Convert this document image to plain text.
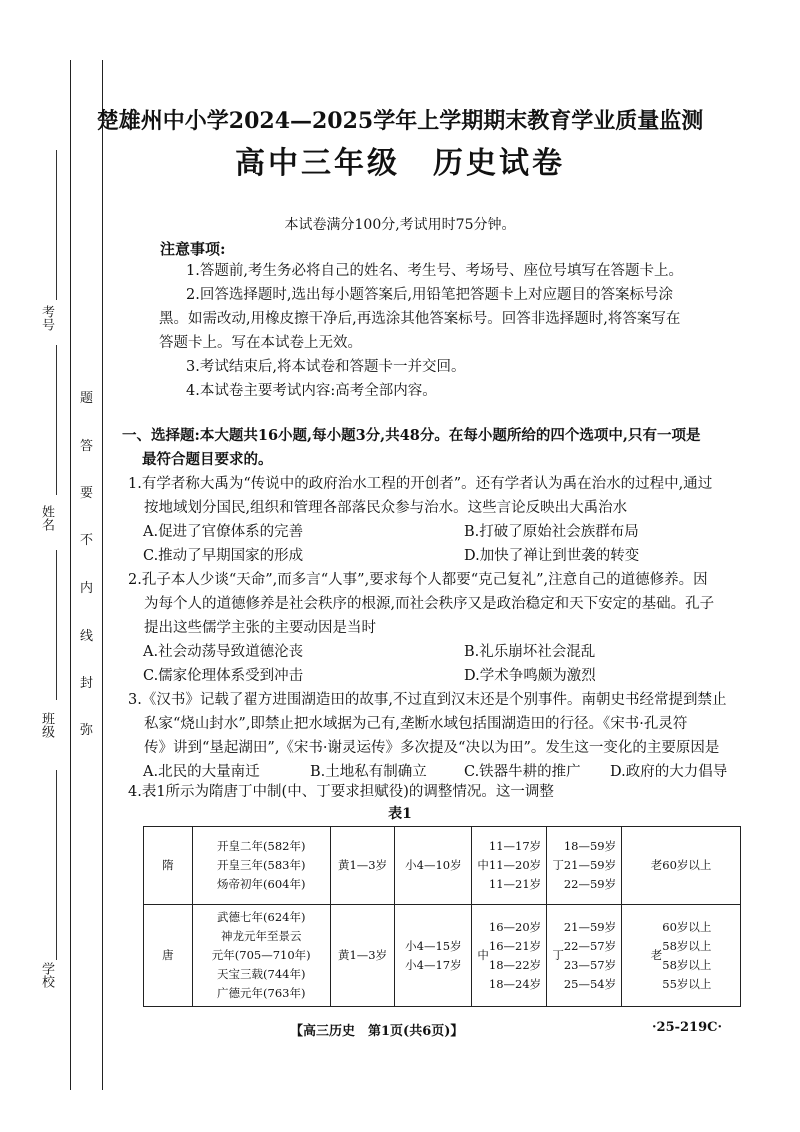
考号
姓名
班级
学校
题
答
要
不
内
线
封
弥
楚雄州中小学2024—2025学年上学期期末教育学业质量监测
高中三年级　历史试卷
本试卷满分100分,考试用时75分钟。
注意事项:
1.答题前,考生务必将自己的姓名、考生号、考场号、座位号填写在答题卡上。
2.回答选择题时,选出每小题答案后,用铅笔把答题卡上对应题目的答案标号涂
黑。如需改动,用橡皮擦干净后,再选涂其他答案标号。回答非选择题时,将答案写在
答题卡上。写在本试卷上无效。
3.考试结束后,将本试卷和答题卡一并交回。
4.本试卷主要考试内容:高考全部内容。
一、选择题:本大题共16小题,每小题3分,共48分。在每小题所给的四个选项中,只有一项是
最符合题目要求的。
1.有学者称大禹为“传说中的政府治水工程的开创者”。还有学者认为禹在治水的过程中,通过
按地域划分国民,组织和管理各部落民众参与治水。这些言论反映出大禹治水
A.促进了官僚体系的完善	B.打破了原始社会族群布局
C.推动了早期国家的形成	D.加快了禅让到世袭的转变
2.孔子本人少谈“天命”,而多言“人事”,要求每个人都要“克己复礼”,注意自己的道德修养。因
为每个人的道德修养是社会秩序的根源,而社会秩序又是政治稳定和天下安定的基础。孔子
提出这些儒学主张的主要动因是当时
A.社会动荡导致道德沦丧	B.礼乐崩坏社会混乱
C.儒家伦理体系受到冲击	D.学术争鸣颇为激烈
3.《汉书》记载了翟方进围湖造田的故事,不过直到汉末还是个别事件。南朝史书经常提到禁止
私家“烧山封水”,即禁止把水域据为己有,垄断水域包括围湖造田的行径。《宋书·孔灵符
传》讲到“垦起湖田”,《宋书·谢灵运传》多次提及“决以为田”。发生这一变化的主要原因是
A.北民的大量南迁	B.土地私有制确立	C.铁器牛耕的推广 D.政府的大力倡导
4.表1所示为隋唐丁中制(中、丁要求担赋役)的调整情况。这一调整
表1
隋	开皇二年(582年)
开皇三年(583年)
炀帝初年(604年)	黄1—3岁	小4—10岁	中
11—17岁
11—20岁
11—21岁	丁
18—59岁
21—59岁
22—59岁	老60岁以上

唐	武德七年(624年)
神龙元年至景云
元年(705—710年)
天宝三载(744年)
广德元年(763年)	黄1—3岁	小4—15岁
小4—17岁	中
16—20岁
16—21岁
18—22岁
18—24岁	丁
21—59岁
22—57岁
23—57岁
25—54岁	老
60岁以上
58岁以上
58岁以上
55岁以上
【高三历史　第1页(共6页)】	·25-219C·
